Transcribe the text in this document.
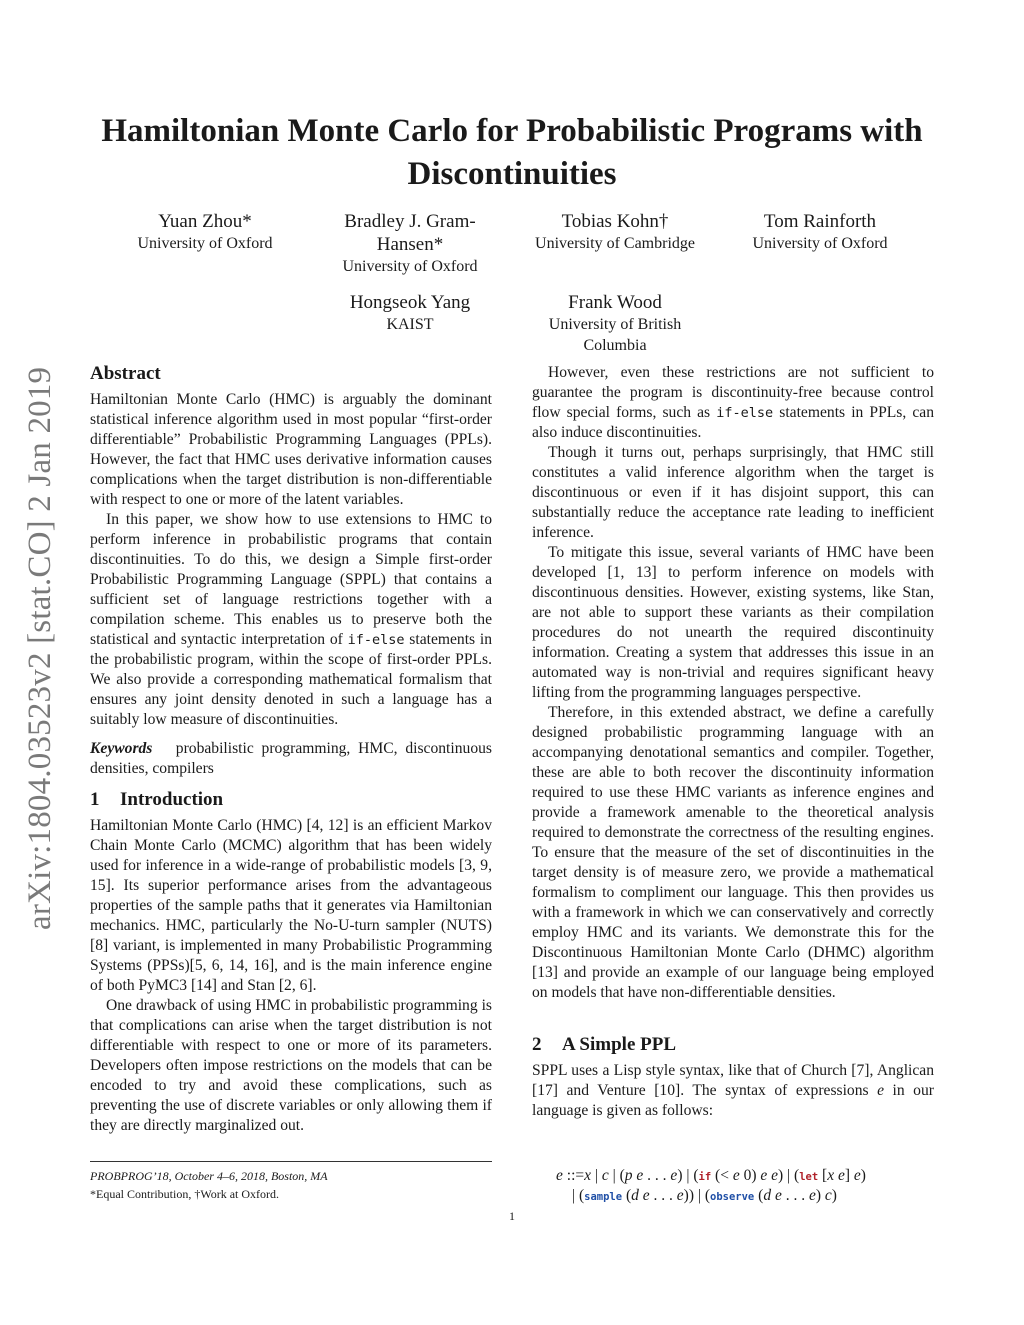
arXiv:1804.03523v2 [stat.CO] 2 Jan 2019
Hamiltonian Monte Carlo for Probabilistic Programs with Discontinuities
Yuan Zhou*
University of Oxford
Bradley J. Gram-Hansen*
University of Oxford
Tobias Kohn†
University of Cambridge
Tom Rainforth
University of Oxford
Hongseok Yang
KAIST
Frank Wood
University of British Columbia
Abstract

Hamiltonian Monte Carlo (HMC) is arguably the dominant statistical inference algorithm used in most popular “first-order differentiable” Probabilistic Programming Languages (PPLs). However, the fact that HMC uses derivative information causes complications when the target distribution is non-differentiable with respect to one or more of the latent variables.

In this paper, we show how to use extensions to HMC to perform inference in probabilistic programs that contain discontinuities. To do this, we design a Simple first-order Probabilistic Programming Language (SPPL) that contains a sufficient set of language restrictions together with a compilation scheme. This enables us to preserve both the statistical and syntactic interpretation of if-else statements in the probabilistic program, within the scope of first-order PPLs. We also provide a corresponding mathematical formalism that ensures any joint density denoted in such a language has a suitably low measure of discontinuities.

Keywords probabilistic programming, HMC, discontinuous densities, compilers

1 Introduction

Hamiltonian Monte Carlo (HMC) [4, 12] is an efficient Markov Chain Monte Carlo (MCMC) algorithm that has been widely used for inference in a wide-range of probabilistic models [3, 9, 15]. Its superior performance arises from the advantageous properties of the sample paths that it generates via Hamiltonian mechanics. HMC, particularly the No-U-turn sampler (NUTS) [8] variant, is implemented in many Probabilistic Programming Systems (PPSs)[5, 6, 14, 16], and is the main inference engine of both PyMC3 [14] and Stan [2, 6].

One drawback of using HMC in probabilistic programming is that complications can arise when the target distribution is not differentiable with respect to one or more of its parameters. Developers often impose restrictions on the models that can be encoded to try and avoid these complications, such as preventing the use of discrete variables or only allowing them if they are directly marginalized out.

However, even these restrictions are not sufficient to guarantee the program is discontinuity-free because control flow special forms, such as if-else statements in PPLs, can also induce discontinuities.

Though it turns out, perhaps surprisingly, that HMC still constitutes a valid inference algorithm when the target is discontinuous or even if it has disjoint support, this can substantially reduce the acceptance rate leading to inefficient inference.

To mitigate this issue, several variants of HMC have been developed [1, 13] to perform inference on models with discontinuous densities. However, existing systems, like Stan, are not able to support these variants as their compilation procedures do not unearth the required discontinuity information. Creating a system that addresses this issue in an automated way is non-trivial and requires significant heavy lifting from the programming languages perspective.

Therefore, in this extended abstract, we define a carefully designed probabilistic programming language with an accompanying denotational semantics and compiler. Together, these are able to both recover the discontinuity information required to use these HMC variants as inference engines and provide a framework amenable to the theoretical analysis required to demonstrate the correctness of the resulting engines. To ensure that the measure of the set of discontinuities in the target density is of measure zero, we provide a mathematical formalism to compliment our language. This then provides us with a framework in which we can conservatively and correctly employ HMC and its variants. We demonstrate this for the Discontinuous Hamiltonian Monte Carlo (DHMC) algorithm [13] and provide an example of our language being employed on models that have non-differentiable densities.

2 A Simple PPL

SPPL uses a Lisp style syntax, like that of Church [7], Anglican [17] and Venture [10]. The syntax of expressions e in our language is given as follows:

e ::=x | c | (p e . . . e) | (if (< e 0) e e) | (let [x e] e)
| (sample (d e . . . e)) | (observe (d e . . . e) c)
PROBPROG’18, October 4–6, 2018, Boston, MA
*Equal Contribution, †Work at Oxford.
1
